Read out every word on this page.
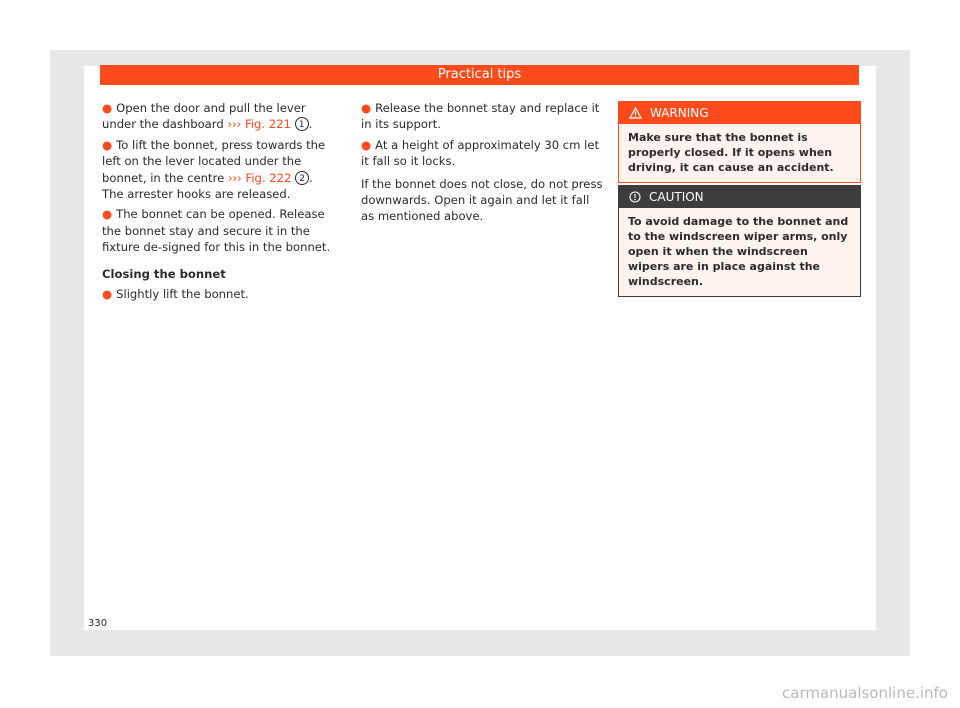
Practical tips

● Open the door and pull the lever under the dashboard ››› Fig. 221 1 .

● To lift the bonnet, press towards the left on the lever located under the bonnet, in the centre ››› Fig. 222 2 . The arrester hooks are released.

● The bonnet can be opened. Release the bonnet stay and secure it in the fixture de-signed for this in the bonnet.

Closing the bonnet

● Slightly lift the bonnet.

● Release the bonnet stay and replace it in its support.

● At a height of approximately 30 cm let it fall so it locks.

If the bonnet does not close, do not press downwards. Open it again and let it fall as mentioned above.

WARNING
Make sure that the bonnet is properly closed. If it opens when driving, it can cause an accident.
CAUTION
To avoid damage to the bonnet and to the windscreen wiper arms, only open it when the windscreen wipers are in place against the windscreen.
330
carmanualsonline.info
